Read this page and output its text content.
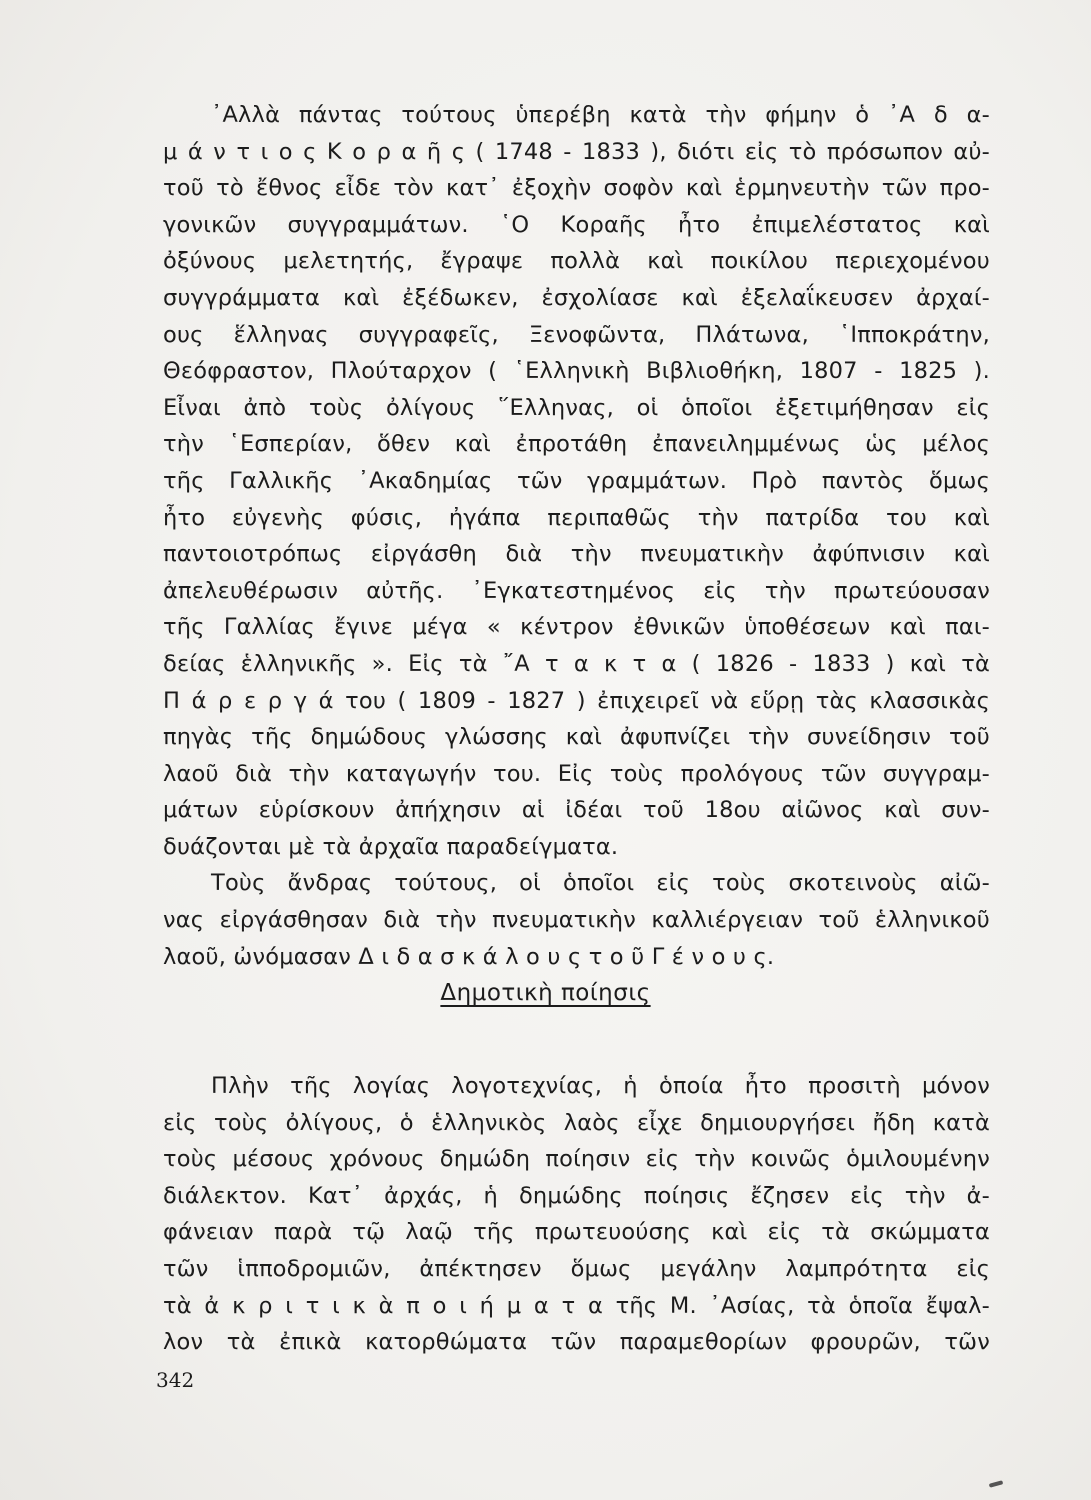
᾿Αλλὰ πάντας τούτους ὑπερέβη κατὰ τὴν φήμην ὁ ᾿Α δ α-
μ ά ν τ ι ο ς Κ ο ρ α ῆ ς ( 1748 - 1833 ), διότι εἰς τὸ πρόσωπον αὐ-
τοῦ τὸ ἔθνος εἶδε τὸν κατ᾿ ἐξοχὴν σοφὸν καὶ ἑρμηνευτὴν τῶν προ-
γονικῶν συγγραμμάτων. ῾Ο Κοραῆς ἦτο ἐπιμελέστατος καὶ
ὀξύνους μελετητής, ἔγραψε πολλὰ καὶ ποικίλου περιεχομένου
συγγράμματα καὶ ἐξέδωκεν, ἐσχολίασε καὶ ἐξελαΐκευσεν ἀρχαί-
ους ἕλληνας συγγραφεῖς, Ξενοφῶντα, Πλάτωνα, ῾Ιπποκράτην,
Θεόφραστον, Πλούταρχον ( ῾Ελληνικὴ Βιβλιοθήκη, 1807 - 1825 ).
Εἶναι ἀπὸ τοὺς ὀλίγους ῞Ελληνας, οἱ ὁποῖοι ἐξετιμήθησαν εἰς
τὴν ῾Εσπερίαν, ὅθεν καὶ ἐπροτάθη ἐπανειλημμένως ὡς μέλος
τῆς Γαλλικῆς ᾿Ακαδημίας τῶν γραμμάτων. Πρὸ παντὸς ὅμως
ἦτο εὐγενὴς φύσις, ἠγάπα περιπαθῶς τὴν πατρίδα του καὶ
παντοιοτρόπως εἰργάσθη διὰ τὴν πνευματικὴν ἀφύπνισιν καὶ
ἀπελευθέρωσιν αὐτῆς. ᾿Εγκατεστημένος εἰς τὴν πρωτεύουσαν
τῆς Γαλλίας ἔγινε μέγα « κέντρον ἐθνικῶν ὑποθέσεων καὶ παι-
δείας ἑλληνικῆς ». Εἰς τὰ ῎Α τ α κ τ α ( 1826 - 1833 ) καὶ τὰ
Π ά ρ ε ρ γ ά του ( 1809 - 1827 ) ἐπιχειρεῖ νὰ εὕρῃ τὰς κλασσικὰς
πηγὰς τῆς δημώδους γλώσσης καὶ ἀφυπνίζει τὴν συνείδησιν τοῦ
λαοῦ διὰ τὴν καταγωγήν του. Εἰς τοὺς προλόγους τῶν συγγραμ-
μάτων εὑρίσκουν ἀπήχησιν αἱ ἰδέαι τοῦ 18ου αἰῶνος καὶ συν-
δυάζονται μὲ τὰ ἀρχαῖα παραδείγματα.
Τοὺς ἄνδρας τούτους, οἱ ὁποῖοι εἰς τοὺς σκοτεινοὺς αἰῶ-
νας εἰργάσθησαν διὰ τὴν πνευματικὴν καλλιέργειαν τοῦ ἑλληνικοῦ
λαοῦ, ὠνόμασαν Δ ι δ α σ κ ά λ ο υ ς τ ο ῦ Γ έ ν ο υ ς.
Δημοτικὴ ποίησις
Πλὴν τῆς λογίας λογοτεχνίας, ἡ ὁποία ἦτο προσιτὴ μόνον
εἰς τοὺς ὀλίγους, ὁ ἑλληνικὸς λαὸς εἶχε δημιουργήσει ἤδη κατὰ
τοὺς μέσους χρόνους δημώδη ποίησιν εἰς τὴν κοινῶς ὁμιλουμένην
διάλεκτον. Κατ᾿ ἀρχάς, ἡ δημώδης ποίησις ἔζησεν εἰς τὴν ἀ-
φάνειαν παρὰ τῷ λαῷ τῆς πρωτευούσης καὶ εἰς τὰ σκώμματα
τῶν ἱπποδρομιῶν, ἀπέκτησεν ὅμως μεγάλην λαμπρότητα εἰς
τὰ ἀ κ ρ ι τ ι κ ὰ π ο ι ή μ α τ α τῆς Μ. ᾿Ασίας, τὰ ὁποῖα ἔψαλ-
λον τὰ ἐπικὰ κατορθώματα τῶν παραμεθορίων φρουρῶν, τῶν
342
